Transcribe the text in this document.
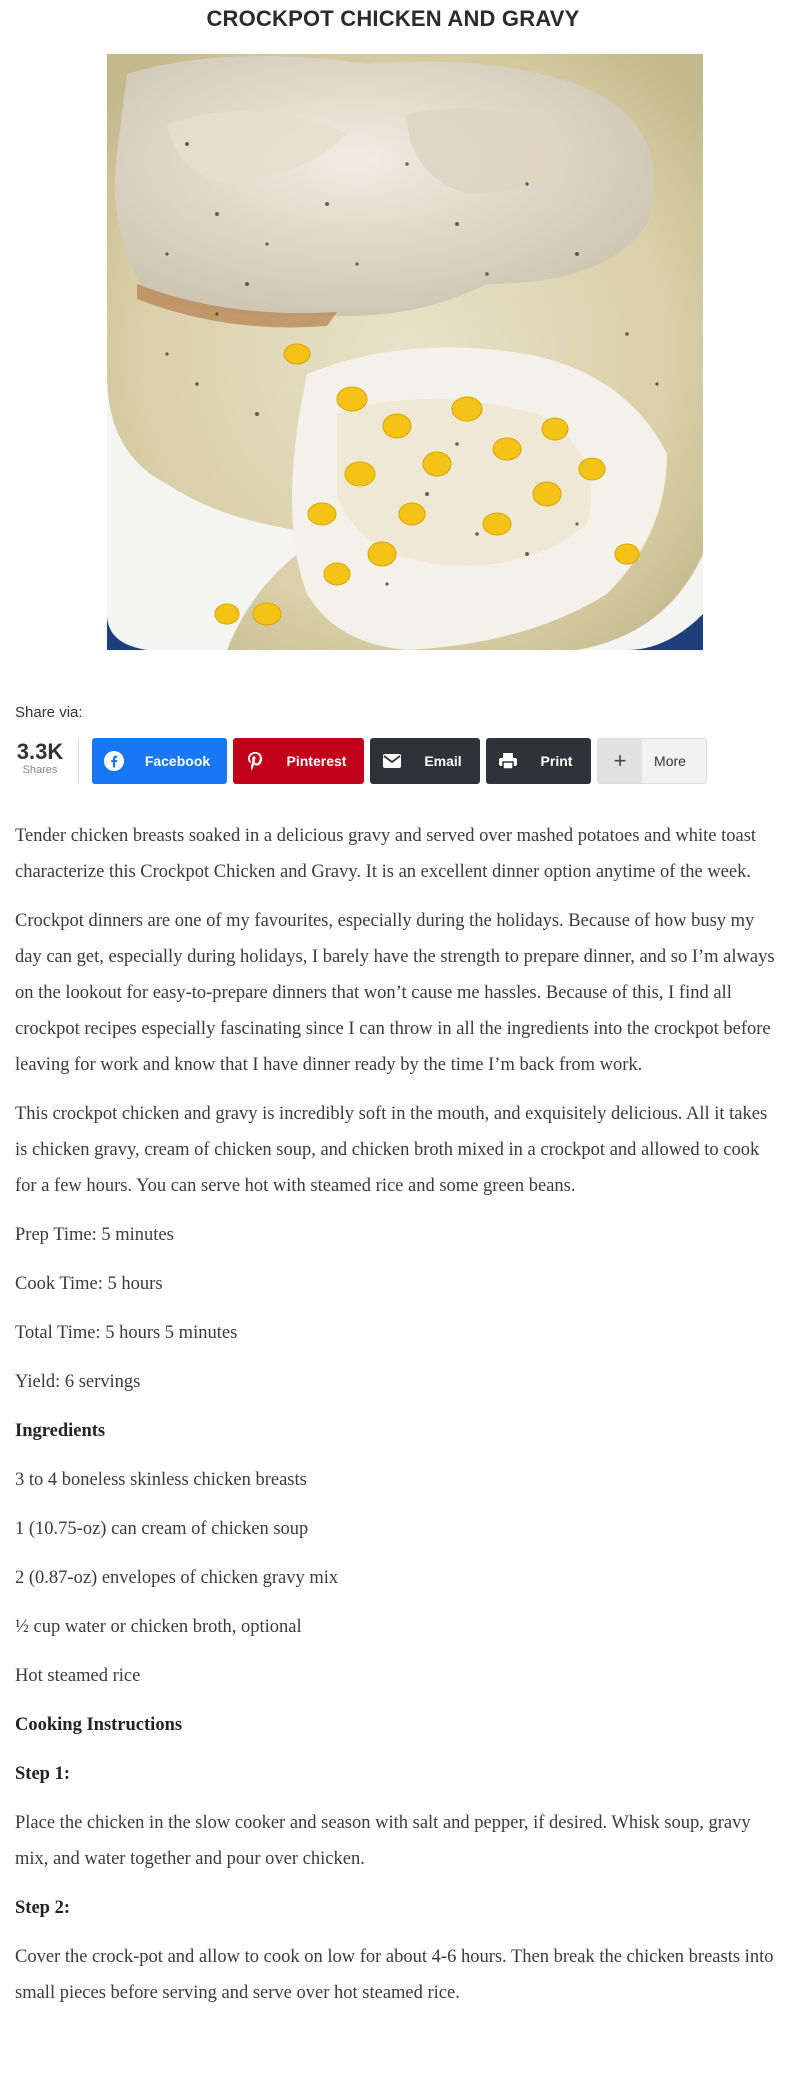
CROCKPOT CHICKEN AND GRAVY
Share via:
3.3K
Shares
Facebook	Pinterest	Email	Print	+	More

Tender chicken breasts soaked in a delicious gravy and served over mashed potatoes and white toast characterize this Crockpot Chicken and Gravy. It is an excellent dinner option anytime of the week.

Crockpot dinners are one of my favourites, especially during the holidays. Because of how busy my day can get, especially during holidays, I barely have the strength to prepare dinner, and so I’m always on the lookout for easy-to-prepare dinners that won’t cause me hassles. Because of this, I find all crockpot recipes especially fascinating since I can throw in all the ingredients into the crockpot before leaving for work and know that I have dinner ready by the time I’m back from work.

This crockpot chicken and gravy is incredibly soft in the mouth, and exquisitely delicious. All it takes is chicken gravy, cream of chicken soup, and chicken broth mixed in a crockpot and allowed to cook for a few hours. You can serve hot with steamed rice and some green beans.

Prep Time: 5 minutes

Cook Time: 5 hours

Total Time: 5 hours 5 minutes

Yield: 6 servings

Ingredients

3 to 4 boneless skinless chicken breasts

1 (10.75-oz) can cream of chicken soup

2 (0.87-oz) envelopes of chicken gravy mix

½ cup water or chicken broth, optional

Hot steamed rice

Cooking Instructions

Step 1:

Place the chicken in the slow cooker and season with salt and pepper, if desired. Whisk soup, gravy mix, and water together and pour over chicken.

Step 2:

Cover the crock-pot and allow to cook on low for about 4-6 hours. Then break the chicken breasts into small pieces before serving and serve over hot steamed rice.
